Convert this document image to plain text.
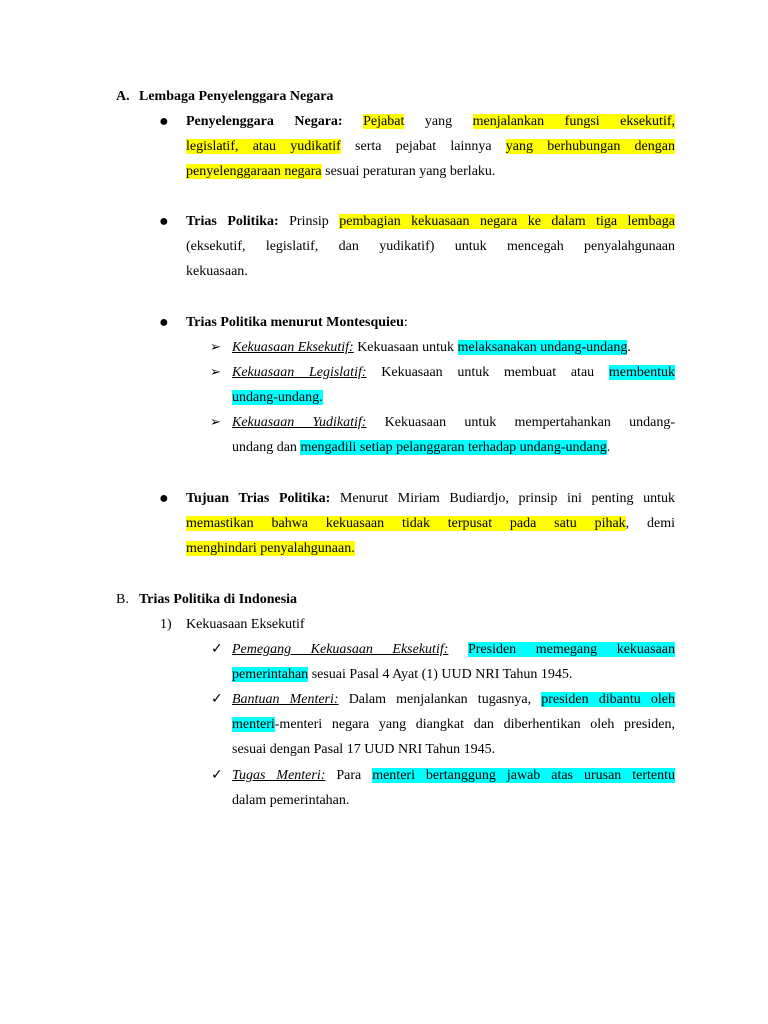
A. Lembaga Penyelenggara Negara
● Penyelenggara Negara: Pejabat yang menjalankan fungsi eksekutif,
legislatif, atau yudikatif serta pejabat lainnya yang berhubungan dengan
penyelenggaraan negara sesuai peraturan yang berlaku.
● Trias Politika: Prinsip pembagian kekuasaan negara ke dalam tiga lembaga
(eksekutif, legislatif, dan yudikatif) untuk mencegah penyalahgunaan
kekuasaan.
● Trias Politika menurut Montesquieu:
➢ Kekuasaan Eksekutif: Kekuasaan untuk melaksanakan undang-undang.
➢ Kekuasaan Legislatif: Kekuasaan untuk membuat atau membentuk
undang-undang.
➢ Kekuasaan Yudikatif: Kekuasaan untuk mempertahankan undang-
undang dan mengadili setiap pelanggaran terhadap undang-undang.
● Tujuan Trias Politika: Menurut Miriam Budiardjo, prinsip ini penting untuk
memastikan bahwa kekuasaan tidak terpusat pada satu pihak, demi
menghindari penyalahgunaan.
B. Trias Politika di Indonesia
1) Kekuasaan Eksekutif
✓ Pemegang Kekuasaan Eksekutif: Presiden memegang kekuasaan
pemerintahan sesuai Pasal 4 Ayat (1) UUD NRI Tahun 1945.
✓ Bantuan Menteri: Dalam menjalankan tugasnya, presiden dibantu oleh
menteri-menteri negara yang diangkat dan diberhentikan oleh presiden,
sesuai dengan Pasal 17 UUD NRI Tahun 1945.
✓ Tugas Menteri: Para menteri bertanggung jawab atas urusan tertentu
dalam pemerintahan.
